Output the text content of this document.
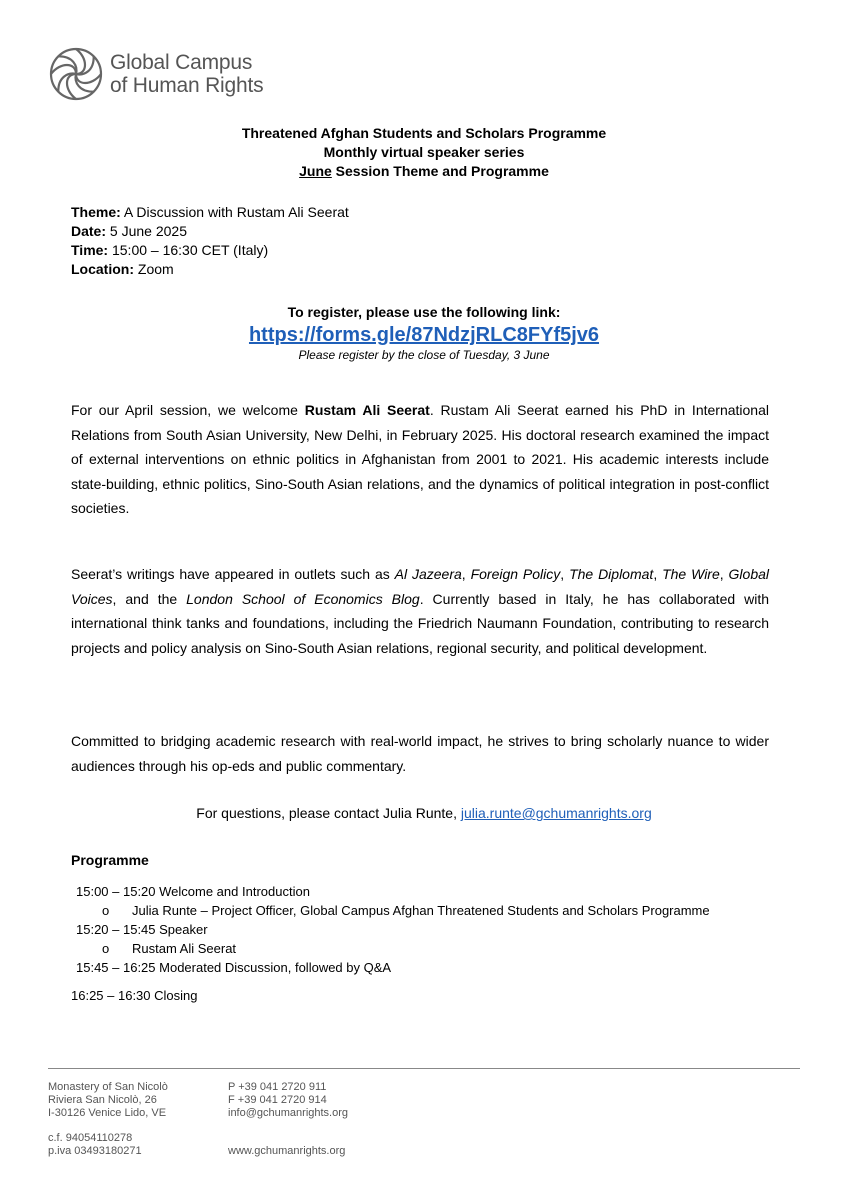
Global Campus
of Human Rights
Threatened Afghan Students and Scholars Programme
Monthly virtual speaker series
June Session Theme and Programme
Theme: A Discussion with Rustam Ali Seerat
Date: 5 June 2025
Time: 15:00 – 16:30 CET (Italy)
Location: Zoom
To register, please use the following link:
https://forms.gle/87NdzjRLC8FYf5jv6
Please register by the close of Tuesday, 3 June

For our April session, we welcome Rustam Ali Seerat. Rustam Ali Seerat earned his PhD in International Relations from South Asian University, New Delhi, in February 2025. His doctoral research examined the impact of external interventions on ethnic politics in Afghanistan from 2001 to 2021. His academic interests include state-building, ethnic politics, Sino-South Asian relations, and the dynamics of political integration in post-conflict societies.

Seerat’s writings have appeared in outlets such as Al Jazeera, Foreign Policy, The Diplomat, The Wire, Global Voices, and the London School of Economics Blog. Currently based in Italy, he has collaborated with international think tanks and foundations, including the Friedrich Naumann Foundation, contributing to research projects and policy analysis on Sino-South Asian relations, regional security, and political development.

Committed to bridging academic research with real-world impact, he strives to bring scholarly nuance to wider audiences through his op-eds and public commentary.

For questions, please contact Julia Runte, julia.runte@gchumanrights.org
Programme
15:00 – 15:20 Welcome and Introduction
o	Julia Runte – Project Officer, Global Campus Afghan Threatened Students and Scholars Programme
15:20 – 15:45 Speaker
o	Rustam Ali Seerat
15:45 – 16:25 Moderated Discussion, followed by Q&A
16:25 – 16:30 Closing
Monastery of San Nicolò
Riviera San Nicolò, 26
I-30126 Venice Lido, VE
P +39 041 2720 911
F +39 041 2720 914
info@gchumanrights.org
c.f. 94054110278
p.iva 03493180271	www.gchumanrights.org
